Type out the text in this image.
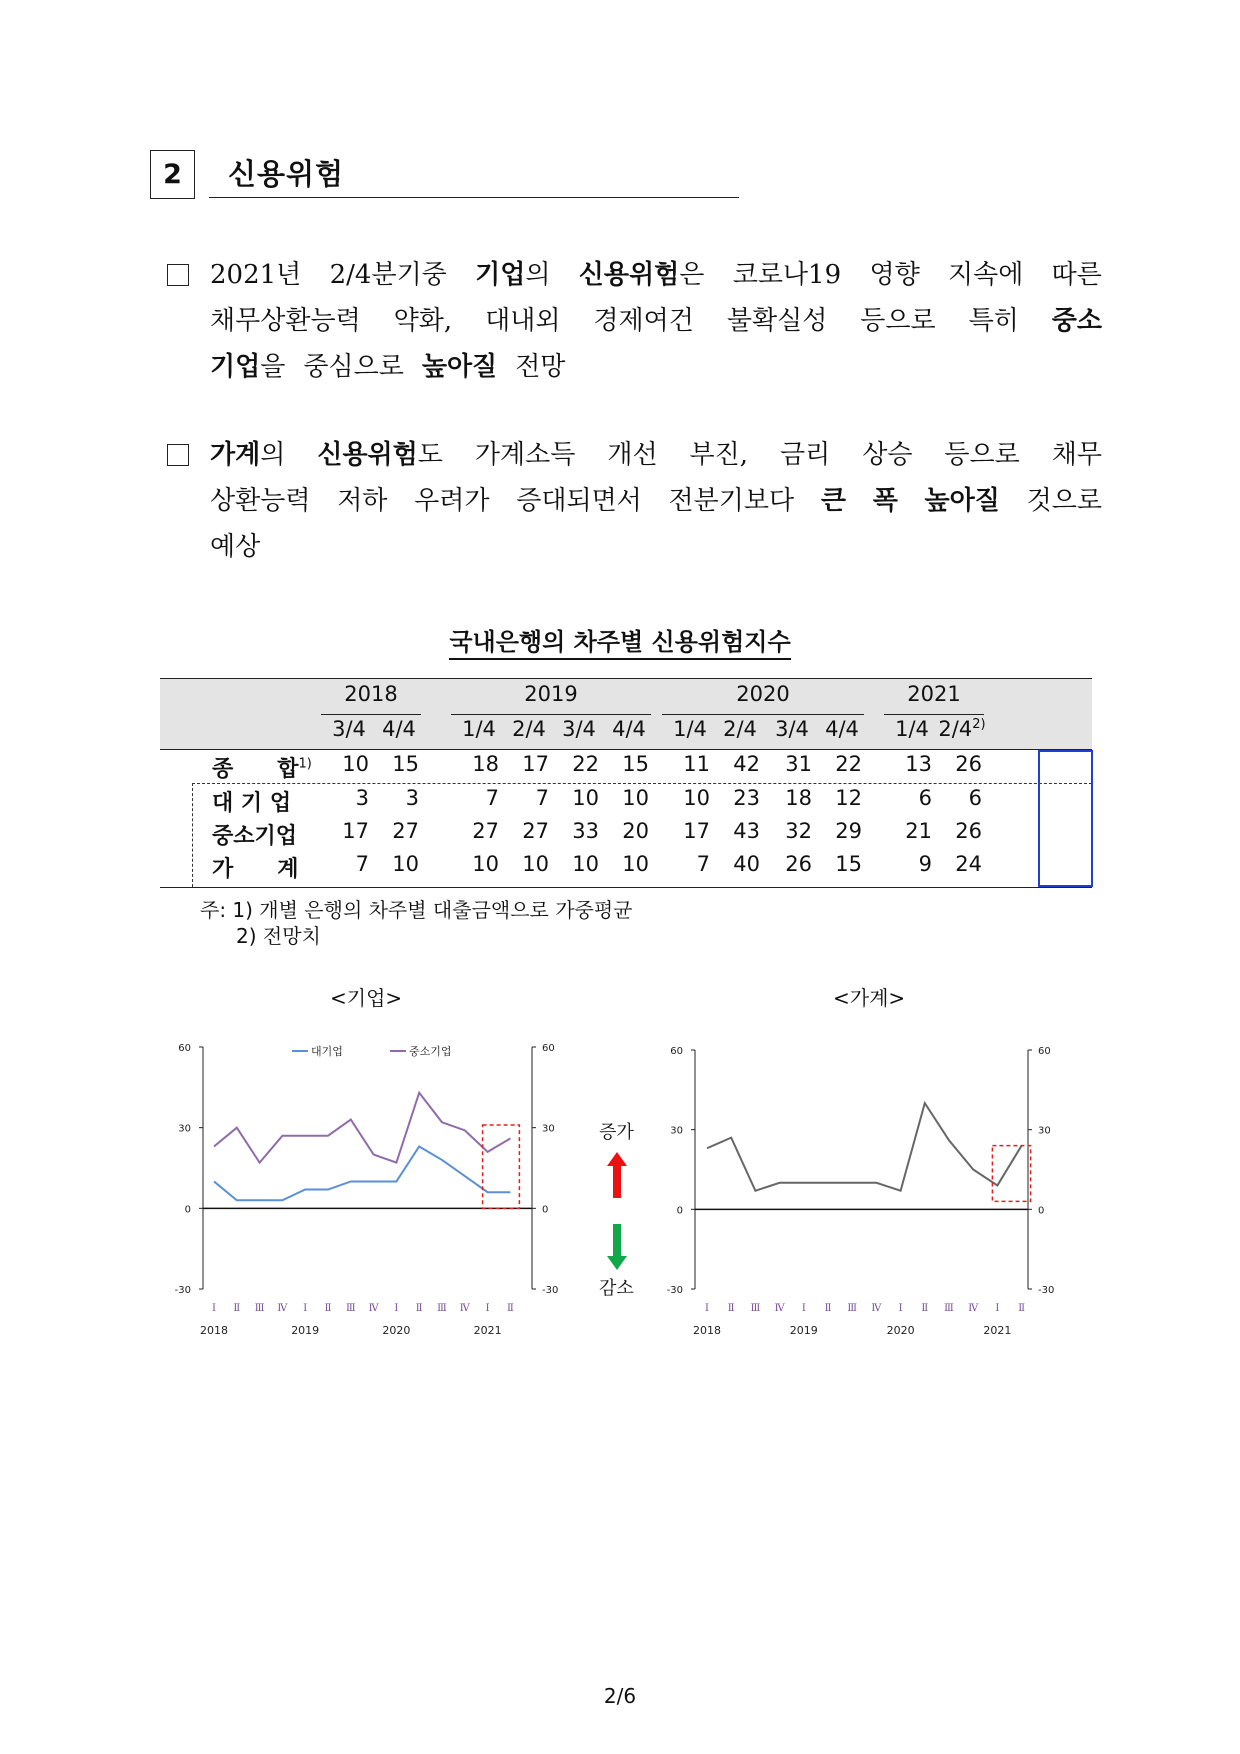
2	신용위험
2021년 2/4분기중 기업의 신용위험은 코로나19 영향 지속에 따른
채무상환능력 약화, 대내외 경제여건 불확실성 등으로 특히 중소
기업을 중심으로 높아질 전망
가계의 신용위험도 가계소득 개선 부진, 금리 상승 등으로 채무
상환능력 저하 우려가 증대되면서 전분기보다 큰 폭 높아질 것으로
예상
국내은행의 차주별 신용위험지수
2018	2019	2020	2021
3/4 4/4	1/4 2/4 3/4 4/4	1/4 2/4 3/4 4/4	1/4 2/4$^{2)}$
종　　합$^{1)}$	10	15	18	17	22	15	11	42	31	22	13	26
대 기 업	3	3	7	7	10	10	10	23	18	12	6	6
중소기업	17	27	27	27	33	20	17	43	32	29	21	26
가　　계	7	10	10	10	10	10	7	40	26	15	9	24
주: 1) 개별 은행의 차주별 대출금액으로 가중평균
2) 전망치
<기업>	<가계>
60	60
30	30
0	0
-30	-30
Ⅰ Ⅱ Ⅲ Ⅳ Ⅰ Ⅱ Ⅲ Ⅳ Ⅰ Ⅱ Ⅲ Ⅳ Ⅰ Ⅱ
2018	2019	2020	2021
대기업	중소기업
증가
감소
60	60
30	30
0	0
-30	-30
Ⅰ Ⅱ Ⅲ Ⅳ Ⅰ Ⅱ Ⅲ Ⅳ Ⅰ Ⅱ Ⅲ Ⅳ Ⅰ Ⅱ
2018	2019	2020	2021
2/6
